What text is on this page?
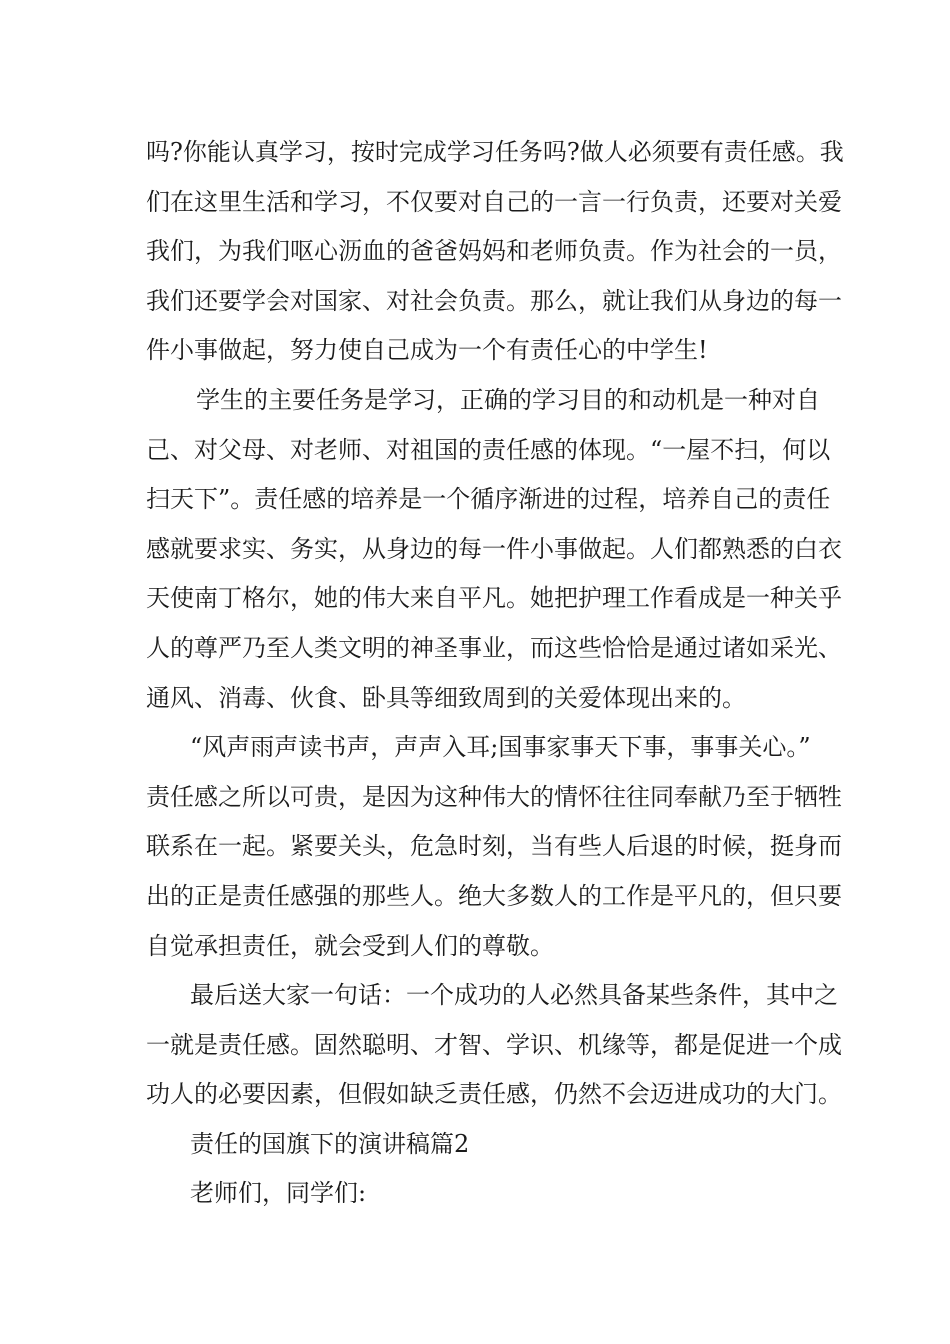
吗?你能认真学习，按时完成学习任务吗?做人必须要有责任感。我
们在这里生活和学习，不仅要对自己的一言一行负责，还要对关爱
我们，为我们呕心沥血的爸爸妈妈和老师负责。作为社会的一员，
我们还要学会对国家、对社会负责。那么，就让我们从身边的每一
件小事做起，努力使自己成为一个有责任心的中学生!
学生的主要任务是学习，正确的学习目的和动机是一种对自
己、对父母、对老师、对祖国的责任感的体现。“一屋不扫，何以
扫天下”。责任感的培养是一个循序渐进的过程，培养自己的责任
感就要求实、务实，从身边的每一件小事做起。人们都熟悉的白衣
天使南丁格尔，她的伟大来自平凡。她把护理工作看成是一种关乎
人的尊严乃至人类文明的神圣事业，而这些恰恰是通过诸如采光、
通风、消毒、伙食、卧具等细致周到的关爱体现出来的。
“风声雨声读书声，声声入耳;国事家事天下事，事事关心。”
责任感之所以可贵，是因为这种伟大的情怀往往同奉献乃至于牺牲
联系在一起。紧要关头，危急时刻，当有些人后退的时候，挺身而
出的正是责任感强的那些人。绝大多数人的工作是平凡的，但只要
自觉承担责任，就会受到人们的尊敬。
最后送大家一句话：一个成功的人必然具备某些条件，其中之
一就是责任感。固然聪明、才智、学识、机缘等，都是促进一个成
功人的必要因素，但假如缺乏责任感，仍然不会迈进成功的大门。
责任的国旗下的演讲稿篇2
老师们，同学们:
